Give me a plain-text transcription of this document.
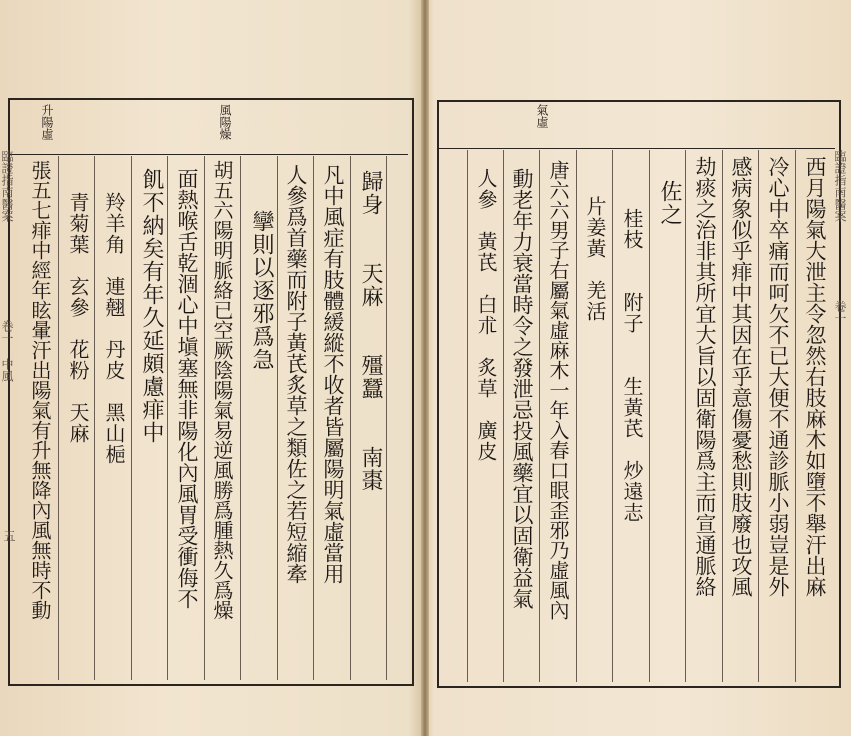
風陽燥
升陽虛
歸身　　天麻　　殭蠶　　南棗
凡中風症有肢體緩縱不收者皆屬陽明氣虛當用
人參爲首藥而附子黃芪炙草之類佐之若短縮牽
攣則以逐邪爲急
胡五六陽明脈絡已空厥陰陽氣易逆風勝爲腫熱久爲燥
面熱喉舌乾涸心中塡塞無非陽化內風胃受衝侮不
飢不納矣有年久延頗慮痱中
羚羊角　連翹　丹皮　黑山梔
青菊葉　玄參　花粉　天麻
張五七痱中經年眩暈汗出陽氣有升無降內風無時不動
臨證指南醫案
卷一 中風
五
氣虛
西月陽氣大泄主令忽然右肢麻木如墮不舉汗出麻
冷心中卒痛而呵欠不已大便不通診脈小弱豈是外
感病象似乎痱中其因在乎意傷憂愁則肢廢也攻風
劫痰之治非其所宜大旨以固衛陽爲主而宣通脈絡
佐之
桂枝　　附子　　生黃芪　炒遠志
片姜黃　羌活
唐六六男子右屬氣虛麻木一年入春口眼歪邪乃虛風內
動老年力衰當時令之發泄忌投風藥宜以固衛益氣
人參　黃芪　白朮　炙草　廣皮	臨證指南醫案
卷一
